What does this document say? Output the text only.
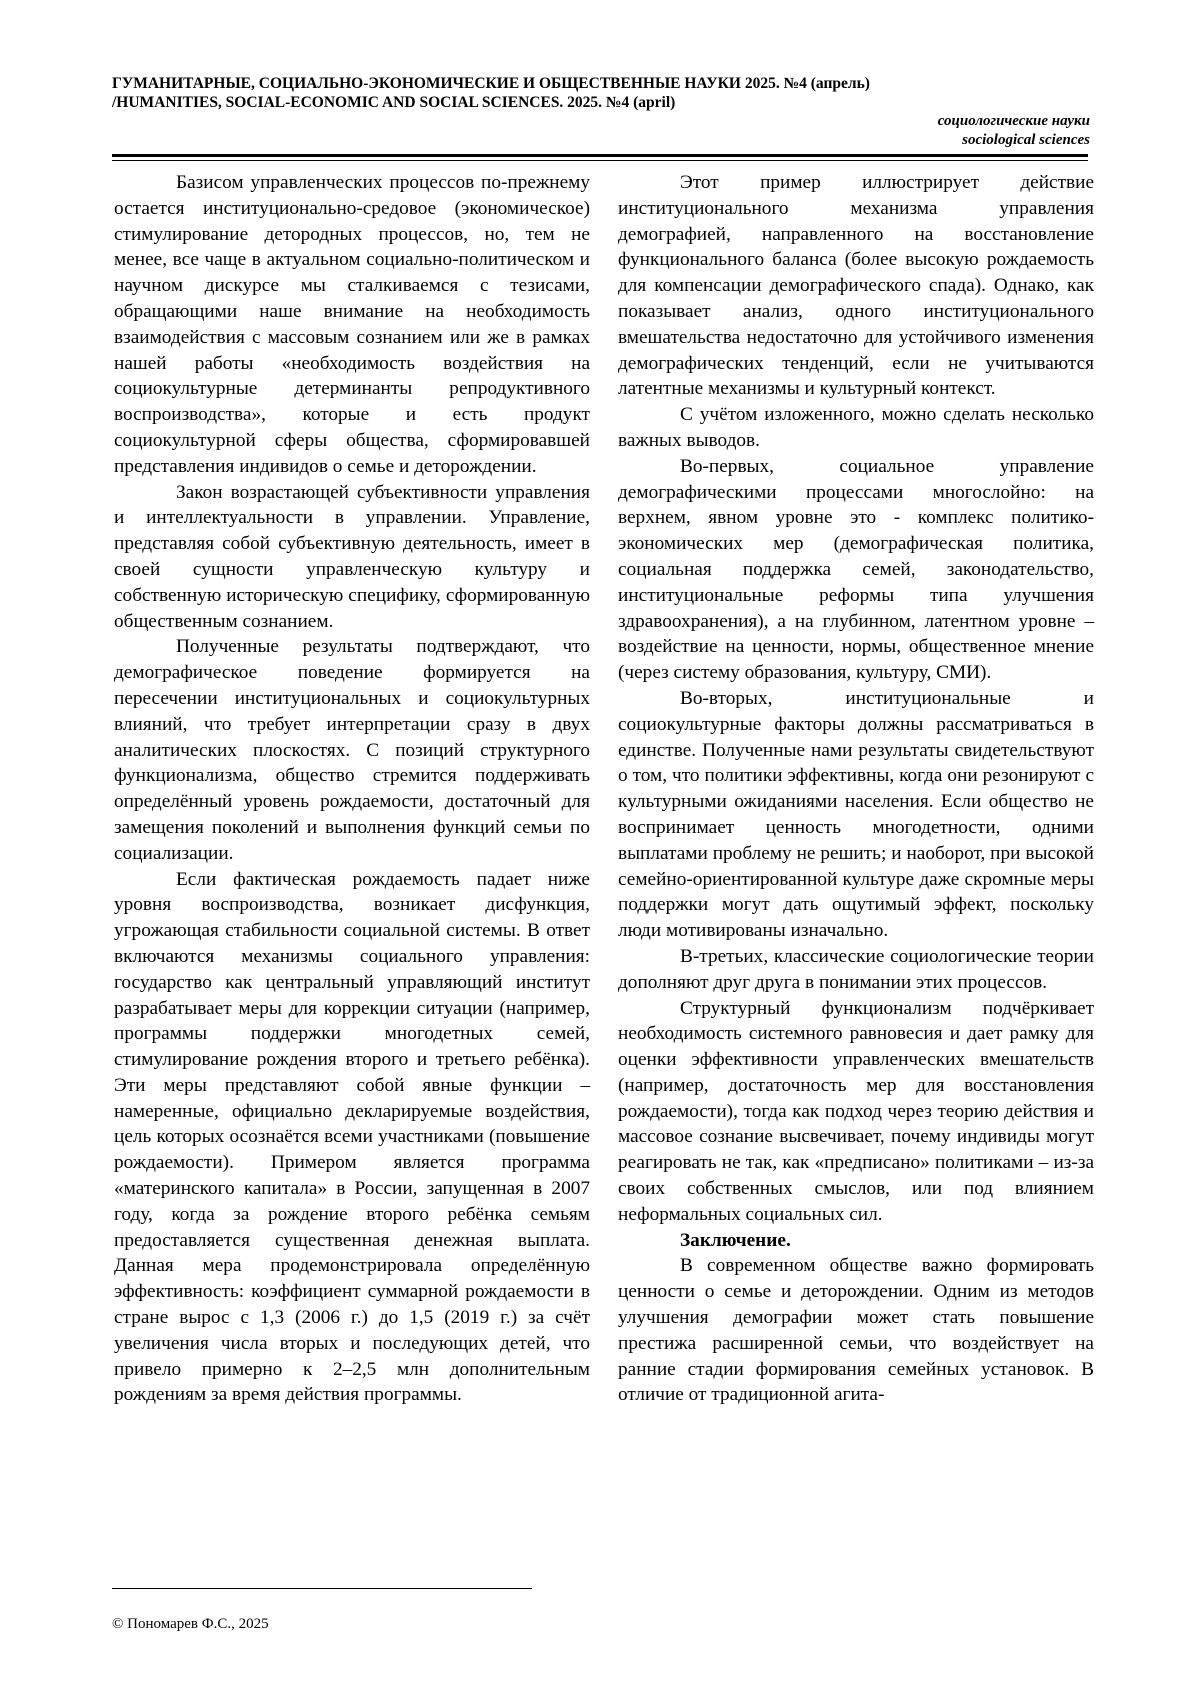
ГУМАНИТАРНЫЕ, СОЦИАЛЬНО-ЭКОНОМИЧЕСКИЕ И ОБЩЕСТВЕННЫЕ НАУКИ 2025. №4 (апрель)
/HUMANITIES, SOCIAL-ECONOMIC AND SOCIAL SCIENCES. 2025. №4 (april)
социологические науки
sociological sciences

Базисом управленческих процессов по-прежнему остается институционально-средовое (экономическое) стимулирование детородных процессов, но, тем не менее, все чаще в актуальном социально-политическом и научном дискурсе мы сталкиваемся с тезисами, обращающими наше внимание на необходимость взаимодействия с массовым сознанием или же в рамках нашей работы «необходимость воздействия на социокультурные детерминанты репродуктивного воспроизводства», которые и есть продукт социокультурной сферы общества, сформировавшей представления индивидов о семье и деторождении.

Закон возрастающей субъективности управления и интеллектуальности в управлении. Управление, представляя собой субъективную деятельность, имеет в своей сущности управленческую культуру и собственную историческую специфику, сформированную общественным сознанием.

Полученные результаты подтверждают, что демографическое поведение формируется на пересечении институциональных и социокультурных влияний, что требует интерпретации сразу в двух аналитических плоскостях. С позиций структурного функционализма, общество стремится поддерживать определённый уровень рождаемости, достаточный для замещения поколений и выполнения функций семьи по социализации.

Если фактическая рождаемость падает ниже уровня воспроизводства, возникает дисфункция, угрожающая стабильности социальной системы. В ответ включаются механизмы социального управления: государство как центральный управляющий институт разрабатывает меры для коррекции ситуации (например, программы поддержки многодетных семей, стимулирование рождения второго и третьего ребёнка). Эти меры представляют собой явные функции – намеренные, официально декларируемые воздействия, цель которых осознаётся всеми участниками (повышение рождаемости). Примером является программа «материнского капитала» в России, запущенная в 2007 году, когда за рождение второго ребёнка семьям предоставляется существенная денежная выплата. Данная мера продемонстрировала определённую эффективность: коэффициент суммарной рождаемости в стране вырос с 1,3 (2006 г.) до 1,5 (2019 г.) за счёт увеличения числа вторых и последующих детей, что привело примерно к 2–2,5 млн дополнительным рождениям за время действия программы.

Этот пример иллюстрирует действие институционального механизма управления демографией, направленного на восстановление функционального баланса (более высокую рождаемость для компенсации демографического спада). Однако, как показывает анализ, одного институционального вмешательства недостаточно для устойчивого изменения демографических тенденций, если не учитываются латентные механизмы и культурный контекст.

С учётом изложенного, можно сделать несколько важных выводов.

Во-первых, социальное управление демографическими процессами многослойно: на верхнем, явном уровне это - комплекс политико-экономических мер (демографическая политика, социальная поддержка семей, законодательство, институциональные реформы типа улучшения здравоохранения), а на глубинном, латентном уровне – воздействие на ценности, нормы, общественное мнение (через систему образования, культуру, СМИ).

Во-вторых, институциональные и социокультурные факторы должны рассматриваться в единстве. Полученные нами результаты свидетельствуют о том, что политики эффективны, когда они резонируют с культурными ожиданиями населения. Если общество не воспринимает ценность многодетности, одними выплатами проблему не решить; и наоборот, при высокой семейно-ориентированной культуре даже скромные меры поддержки могут дать ощутимый эффект, поскольку люди мотивированы изначально.

В-третьих, классические социологические теории дополняют друг друга в понимании этих процессов.

Структурный функционализм подчёркивает необходимость системного равновесия и дает рамку для оценки эффективности управленческих вмешательств (например, достаточность мер для восстановления рождаемости), тогда как подход через теорию действия и массовое сознание высвечивает, почему индивиды могут реагировать не так, как «предписано» политиками – из-за своих собственных смыслов, или под влиянием неформальных социальных сил.

Заключение.

В современном обществе важно формировать ценности о семье и деторождении. Одним из методов улучшения демографии может стать повышение престижа расширенной семьи, что воздействует на ранние стадии формирования семейных установок. В отличие от традиционной агита-

© Пономарев Ф.С., 2025
